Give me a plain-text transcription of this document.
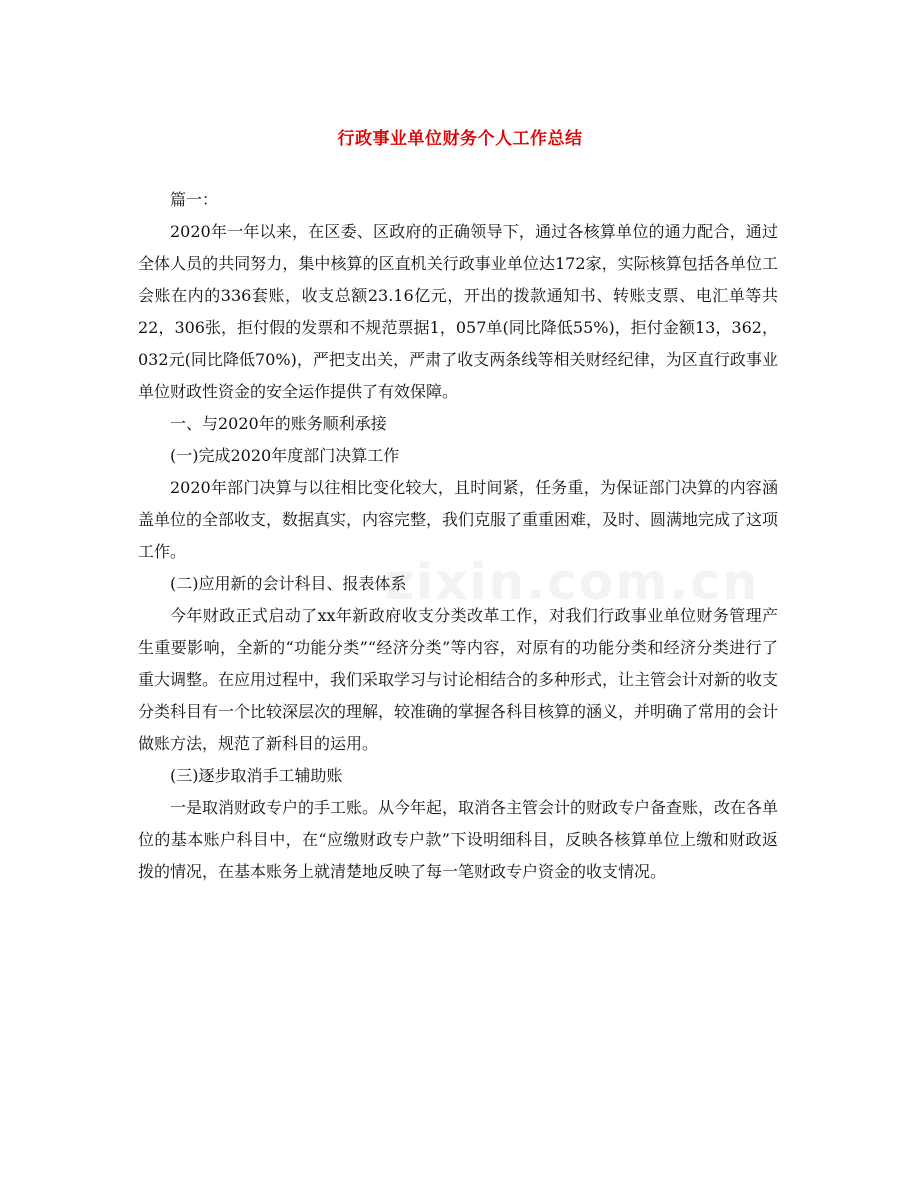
zixin.com.cn
行政事业单位财务个人工作总结

篇一：

2020年一年以来，在区委、区政府的正确领导下，通过各核算单位的通力配合，通过全体人员的共同努力，集中核算的区直机关行政事业单位达172家，实际核算包括各单位工会账在内的336套账，收支总额23.16亿元，开出的拨款通知书、转账支票、电汇单等共22，306张，拒付假的发票和不规范票据1，057单(同比降低55%)，拒付金额13，362，032元(同比降低70%)，严把支出关，严肃了收支两条线等相关财经纪律，为区直行政事业单位财政性资金的安全运作提供了有效保障。

一、与2020年的账务顺利承接

(一)完成2020年度部门决算工作

2020年部门决算与以往相比变化较大，且时间紧，任务重，为保证部门决算的内容涵盖单位的全部收支，数据真实，内容完整，我们克服了重重困难，及时、圆满地完成了这项工作。

(二)应用新的会计科目、报表体系

今年财政正式启动了xx年新政府收支分类改革工作，对我们行政事业单位财务管理产生重要影响，全新的“功能分类”“经济分类”等内容，对原有的功能分类和经济分类进行了重大调整。在应用过程中，我们采取学习与讨论相结合的多种形式，让主管会计对新的收支分类科目有一个比较深层次的理解，较准确的掌握各科目核算的涵义，并明确了常用的会计做账方法，规范了新科目的运用。

(三)逐步取消手工辅助账

一是取消财政专户的手工账。从今年起，取消各主管会计的财政专户备查账，改在各单位的基本账户科目中，在“应缴财政专户款”下设明细科目，反映各核算单位上缴和财政返拨的情况，在基本账务上就清楚地反映了每一笔财政专户资金的收支情况。
